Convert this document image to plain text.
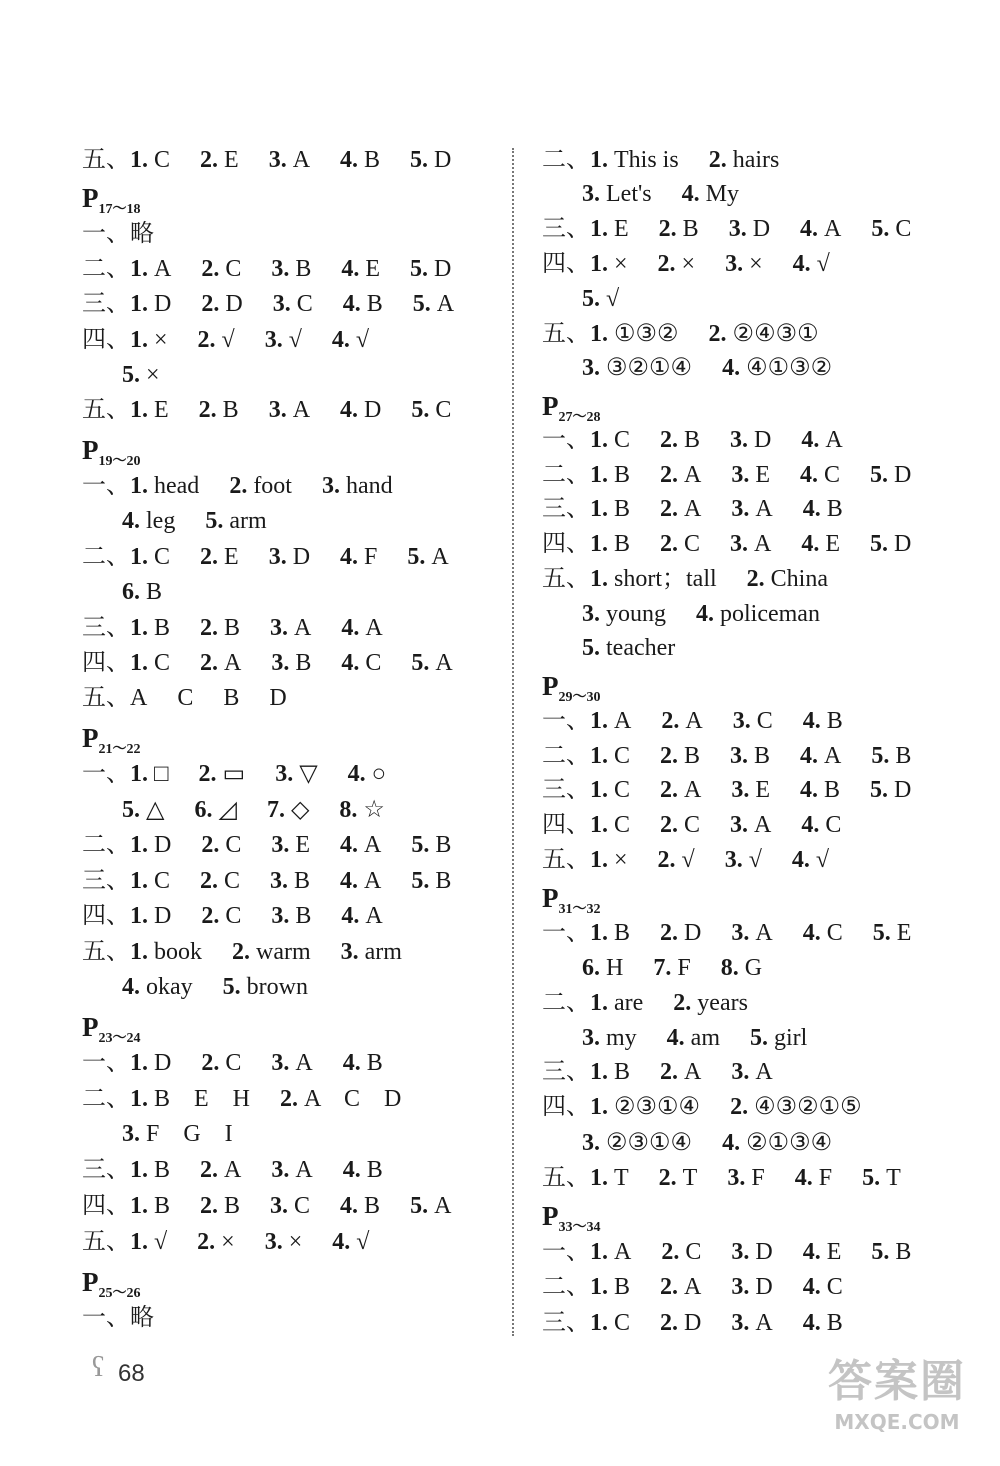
五、1. C 2. E 3. A 4. B 5. D
$P_{17\sim 18}$
一、略
二、1. A 2. C 3. B 4. E 5. D
三、1. D 2. D 3. C 4. B 5. A
四、1. × 2. √ 3. √ 4. √
5. ×
五、1. E 2. B 3. A 4. D 5. C
$P_{19\sim 20}$
一、1. head 2. foot 3. hand
4. leg 5. arm
二、1. C 2. E 3. D 4. F 5. A
6. B
三、1. B 2. B 3. A 4. A
四、1. C 2. A 3. B 4. C 5. A
五、A C B D
$P_{21\sim 22}$
一、1. □ 2. ▭ 3. ▽ 4. ○
5. △ 6. ◿ 7. ◇ 8. ☆
二、1. D 2. C 3. E 4. A 5. B
三、1. C 2. C 3. B 4. A 5. B
四、1. D 2. C 3. B 4. A
五、1. book 2. warm 3. arm
4. okay 5. brown
$P_{23\sim 24}$
一、1. D 2. C 3. A 4. B
二、1. B　E　H 2. A　C　D
3. F　G　I
三、1. B 2. A 3. A 4. B
四、1. B 2. B 3. C 4. B 5. A
五、1. √ 2. × 3. × 4. √
$P_{25\sim 26}$
一、略
二、1. This is 2. hairs
3. Let's 4. My
三、1. E 2. B 3. D 4. A 5. C
四、1. × 2. × 3. × 4. √
5. √
五、1. ①③② 2. ②④③①
3. ③②①④ 4. ④①③②
$P_{27\sim 28}$
一、1. C 2. B 3. D 4. A
二、1. B 2. A 3. E 4. C 5. D
三、1. B 2. A 3. A 4. B
四、1. B 2. C 3. A 4. E 5. D
五、1. short；tall 2. China
3. young 4. policeman
5. teacher
$P_{29\sim 30}$
一、1. A 2. A 3. C 4. B
二、1. C 2. B 3. B 4. A 5. B
三、1. C 2. A 3. E 4. B 5. D
四、1. C 2. C 3. A 4. C
五、1. × 2. √ 3. √ 4. √
$P_{31\sim 32}$
一、1. B 2. D 3. A 4. C 5. E
6. H 7. F 8. G
二、1. are 2. years
3. my 4. am 5. girl
三、1. B 2. A 3. A
四、1. ②③①④ 2. ④③②①⑤
3. ②③①④ 4. ②①③④
五、1. T 2. T 3. F 4. F 5. T
$P_{33\sim 34}$
一、1. A 2. C 3. D 4. E 5. B
二、1. B 2. A 3. D 4. C
三、1. C 2. D 3. A 4. B
ʕ 68	答案圈
MXQE.COM
